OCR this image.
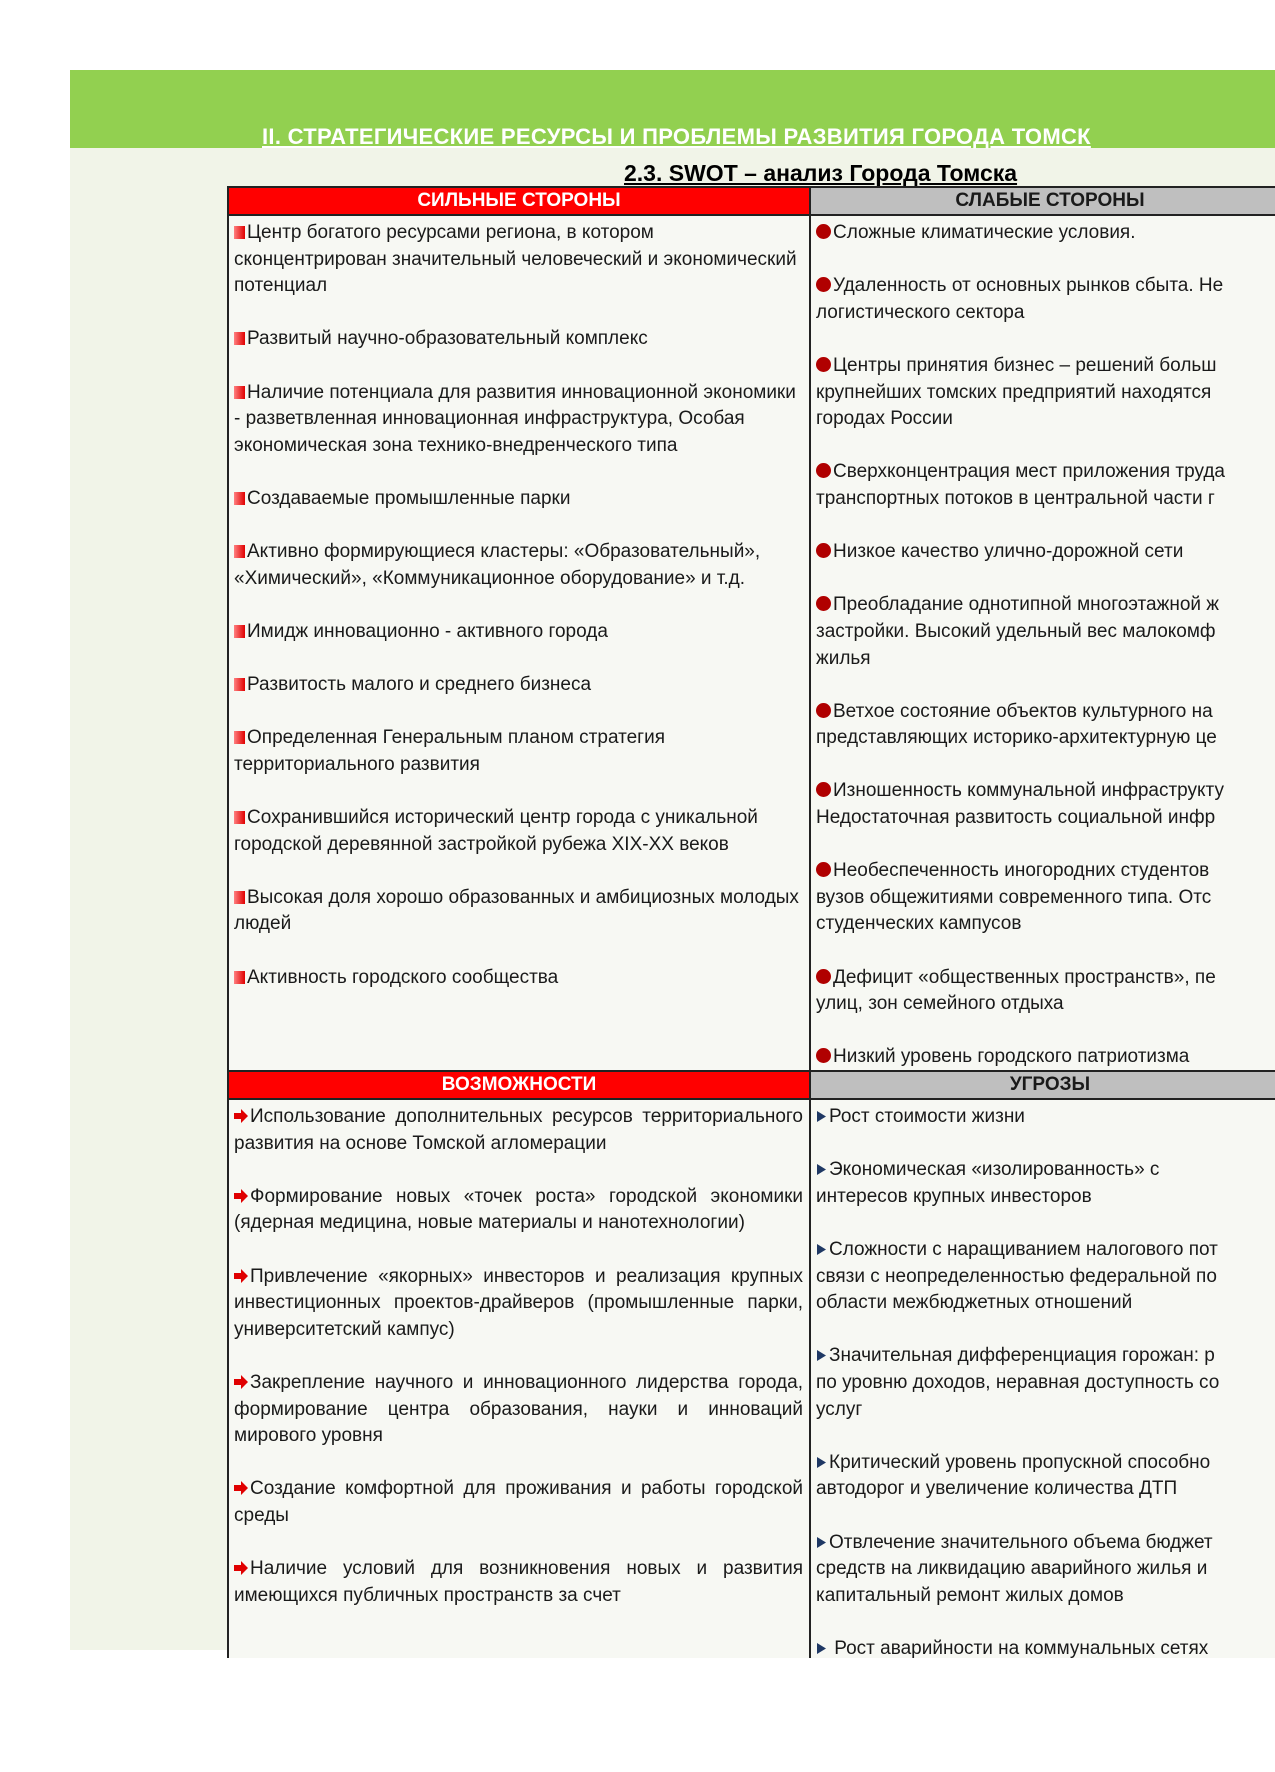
II. СТРАТЕГИЧЕСКИЕ РЕСУРСЫ И ПРОБЛЕМЫ РАЗВИТИЯ ГОРОДА ТОМСК
2.3. SWOT – анализ Города Томска
СИЛЬНЫЕ СТОРОНЫ
Центр богатого ресурсами региона, в котором сконцентрирован значительный человеческий и экономический потенциал
Развитый научно-образовательный комплекс
Наличие потенциала для развития инновационной экономики - разветвленная инновационная инфраструктура, Особая экономическая зона технико-внедренческого типа
Создаваемые промышленные парки
Активно формирующиеся кластеры: «Образовательный», «Химический», «Коммуникационное оборудование» и т.д.
Имидж инновационно - активного города
Развитость малого и среднего бизнеса
Определенная Генеральным планом стратегия территориального развития
Сохранившийся исторический центр города с уникальной городской деревянной застройкой рубежа XIX-XX веков
Высокая доля хорошо образованных и амбициозных молодых людей
Активность городского сообщества
ВОЗМОЖНОСТИ
Использование дополнительных ресурсов территориального развития на основе Томской агломерации
Формирование новых «точек роста» городской экономики (ядерная медицина, новые материалы и нанотехнологии)
Привлечение «якорных» инвесторов и реализация крупных инвестиционных проектов-драйверов (промышленные парки, университетский кампус)
Закрепление научного и инновационного лидерства города, формирование центра образования, науки и инноваций мирового уровня
Создание комфортной для проживания и работы городской среды
Наличие условий для возникновения новых и развития имеющихся публичных пространств за счет
СЛАБЫЕ СТОРОНЫ
Сложные климатические условия.
Удаленность от основных рынков сбыта. Не
логистического сектора
Центры принятия бизнес – решений больш
крупнейших томских предприятий находятся
городах России
Сверхконцентрация мест приложения труда
транспортных потоков в центральной части г
Низкое качество улично-дорожной сети
Преобладание однотипной многоэтажной ж
застройки. Высокий удельный вес малокомф
жилья
Ветхое состояние объектов культурного на
представляющих историко-архитектурную це
Изношенность коммунальной инфраструкту
Недостаточная развитость социальной инфр
Необеспеченность иногородних студентов
вузов общежитиями современного типа. Отс
студенческих кампусов
Дефицит «общественных пространств», пе
улиц, зон семейного отдыха
Низкий уровень городского патриотизма
УГРОЗЫ
Рост стоимости жизни
Экономическая «изолированность» с
интересов крупных инвесторов
Сложности с наращиванием налогового пот
связи с неопределенностью федеральной по
области межбюджетных отношений
Значительная дифференциация горожан: р
по уровню доходов, неравная доступность со
услуг
Критический уровень пропускной способно
автодорог и увеличение количества ДТП
Отвлечение значительного объема бюджет
средств на ликвидацию аварийного жилья и
капитальный ремонт жилых домов
Рост аварийности на коммунальных сетях
